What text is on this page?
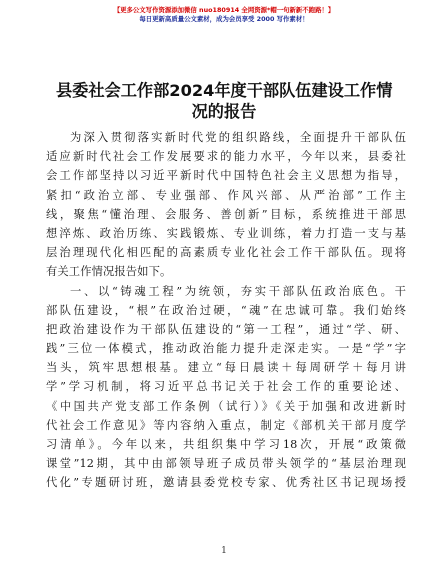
【更多公文写作资源添加微信 nuo180914 全网资源*帽一句新新不跑路！】
每日更新高质量公文素材，成为会员享受 2000 写作素材！
县委社会工作部2024年度干部队伍建设工作情
况的报告
为深入贯彻落实新时代党的组织路线，全面提升干部队伍
适应新时代社会工作发展要求的能力水平，今年以来，县委社
会工作部坚持以习近平新时代中国特色社会主义思想为指导，
紧扣“政治立部、专业强部、作风兴部、从严治部”工作主
线，聚焦“懂治理、会服务、善创新”目标，系统推进干部思
想淬炼、政治历练、实践锻炼、专业训练，着力打造一支与基
层治理现代化相匹配的高素质专业化社会工作干部队伍。现将
有关工作情况报告如下。
一、以“铸魂工程”为统领，夯实干部队伍政治底色。干
部队伍建设，“根”在政治过硬，“魂”在忠诚可靠。我们始终
把政治建设作为干部队伍建设的“第一工程”，通过“学、研、
践”三位一体模式，推动政治能力提升走深走实。一是“学”字
当头，筑牢思想根基。建立“每日晨读＋每周研学＋每月讲
学”学习机制，将习近平总书记关于社会工作的重要论述、
《中国共产党支部工作条例（试行）》《关于加强和改进新时
代社会工作意见》等内容纳入重点，制定《部机关干部月度学
习清单》。今年以来，共组织集中学习18次，开展“政策微
课堂”12期，其中由部领导班子成员带头领学的“基层治理现
代化”专题研讨班，邀请县委党校专家、优秀社区书记现场授
1
